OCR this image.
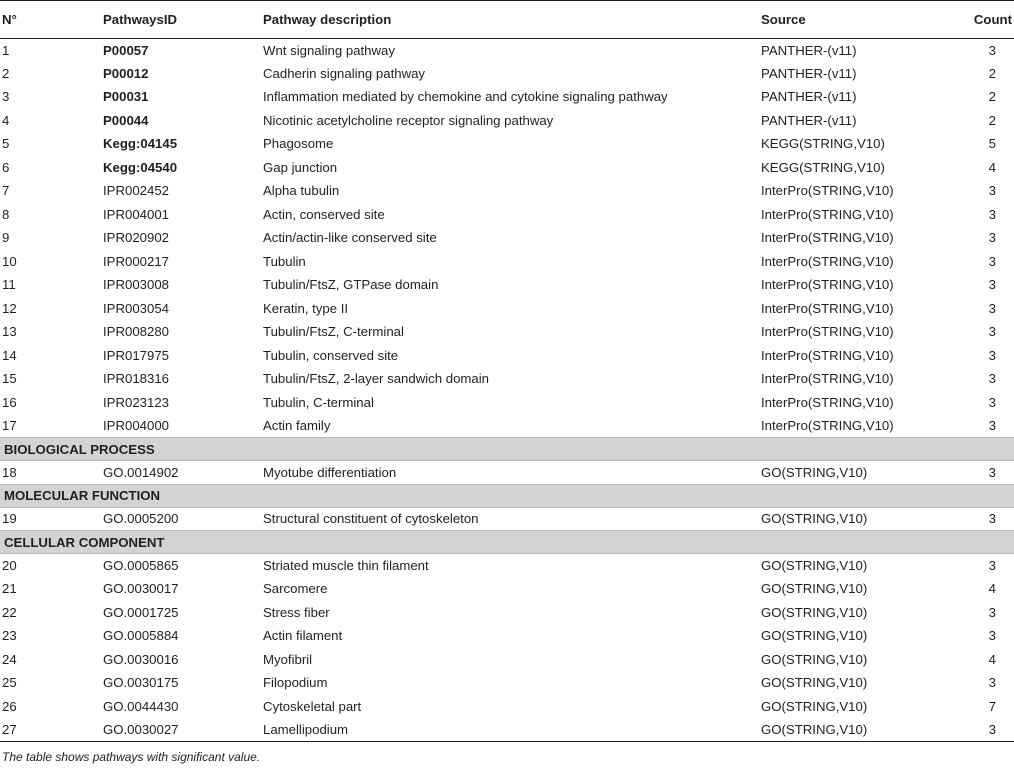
N°	PathwaysID	Pathway description	Source	Count
1	P00057	Wnt signaling pathway	PANTHER-(v11)	3
2	P00012	Cadherin signaling pathway	PANTHER-(v11)	2
3	P00031	Inflammation mediated by chemokine and cytokine signaling pathway	PANTHER-(v11)	2
4	P00044	Nicotinic acetylcholine receptor signaling pathway	PANTHER-(v11)	2
5	Kegg:04145	Phagosome	KEGG(STRING,V10)	5
6	Kegg:04540	Gap junction	KEGG(STRING,V10)	4
7	IPR002452	Alpha tubulin	InterPro(STRING,V10)	3
8	IPR004001	Actin, conserved site	InterPro(STRING,V10)	3
9	IPR020902	Actin/actin-like conserved site	InterPro(STRING,V10)	3
10	IPR000217	Tubulin	InterPro(STRING,V10)	3
11	IPR003008	Tubulin/FtsZ, GTPase domain	InterPro(STRING,V10)	3
12	IPR003054	Keratin, type II	InterPro(STRING,V10)	3
13	IPR008280	Tubulin/FtsZ, C-terminal	InterPro(STRING,V10)	3
14	IPR017975	Tubulin, conserved site	InterPro(STRING,V10)	3
15	IPR018316	Tubulin/FtsZ, 2-layer sandwich domain	InterPro(STRING,V10)	3
16	IPR023123	Tubulin, C-terminal	InterPro(STRING,V10)	3
17	IPR004000	Actin family	InterPro(STRING,V10)	3
BIOLOGICAL PROCESS				
18	GO.0014902	Myotube differentiation	GO(STRING,V10)	3
MOLECULAR FUNCTION				
19	GO.0005200	Structural constituent of cytoskeleton	GO(STRING,V10)	3
CELLULAR COMPONENT				
20	GO.0005865	Striated muscle thin filament	GO(STRING,V10)	3
21	GO.0030017	Sarcomere	GO(STRING,V10)	4
22	GO.0001725	Stress fiber	GO(STRING,V10)	3
23	GO.0005884	Actin filament	GO(STRING,V10)	3
24	GO.0030016	Myofibril	GO(STRING,V10)	4
25	GO.0030175	Filopodium	GO(STRING,V10)	3
26	GO.0044430	Cytoskeletal part	GO(STRING,V10)	7
27	GO.0030027	Lamellipodium	GO(STRING,V10)	3
The table shows pathways with significant value.
